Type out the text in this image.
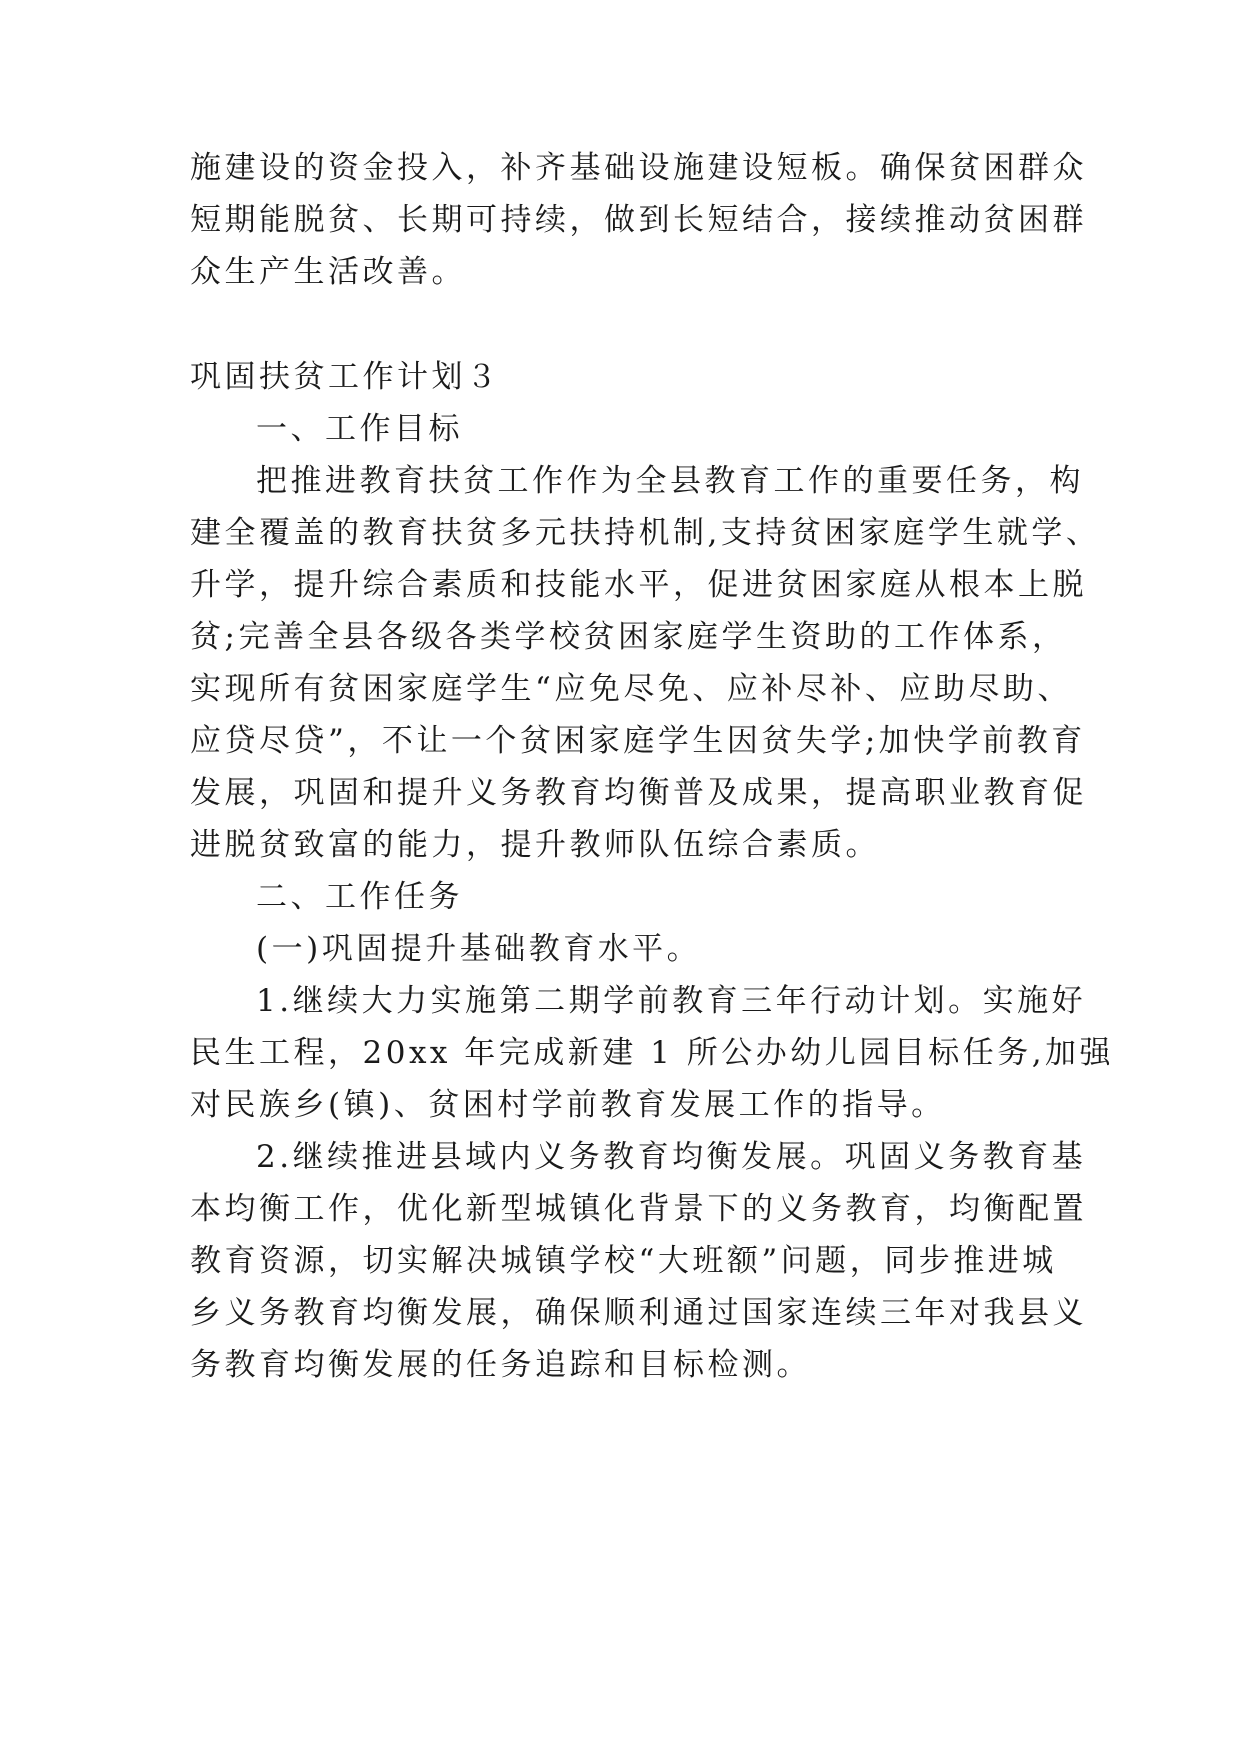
施建设的资金投入，补齐基础设施建设短板。确保贫困群众
短期能脱贫、长期可持续，做到长短结合，接续推动贫困群
众生产生活改善。
巩固扶贫工作计划３
一、工作目标
把推进教育扶贫工作作为全县教育工作的重要任务，构
建全覆盖的教育扶贫多元扶持机制,支持贫困家庭学生就学、
升学，提升综合素质和技能水平，促进贫困家庭从根本上脱
贫;完善全县各级各类学校贫困家庭学生资助的工作体系，
实现所有贫困家庭学生“应免尽免、应补尽补、应助尽助、
应贷尽贷”，不让一个贫困家庭学生因贫失学;加快学前教育
发展，巩固和提升义务教育均衡普及成果，提高职业教育促
进脱贫致富的能力，提升教师队伍综合素质。
二、工作任务
(一)巩固提升基础教育水平。
1.继续大力实施第二期学前教育三年行动计划。实施好
民生工程，20xx 年完成新建 1 所公办幼儿园目标任务,加强
对民族乡(镇)、贫困村学前教育发展工作的指导。
2.继续推进县域内义务教育均衡发展。巩固义务教育基
本均衡工作，优化新型城镇化背景下的义务教育，均衡配置
教育资源，切实解决城镇学校“大班额”问题，同步推进城
乡义务教育均衡发展，确保顺利通过国家连续三年对我县义
务教育均衡发展的任务追踪和目标检测。
